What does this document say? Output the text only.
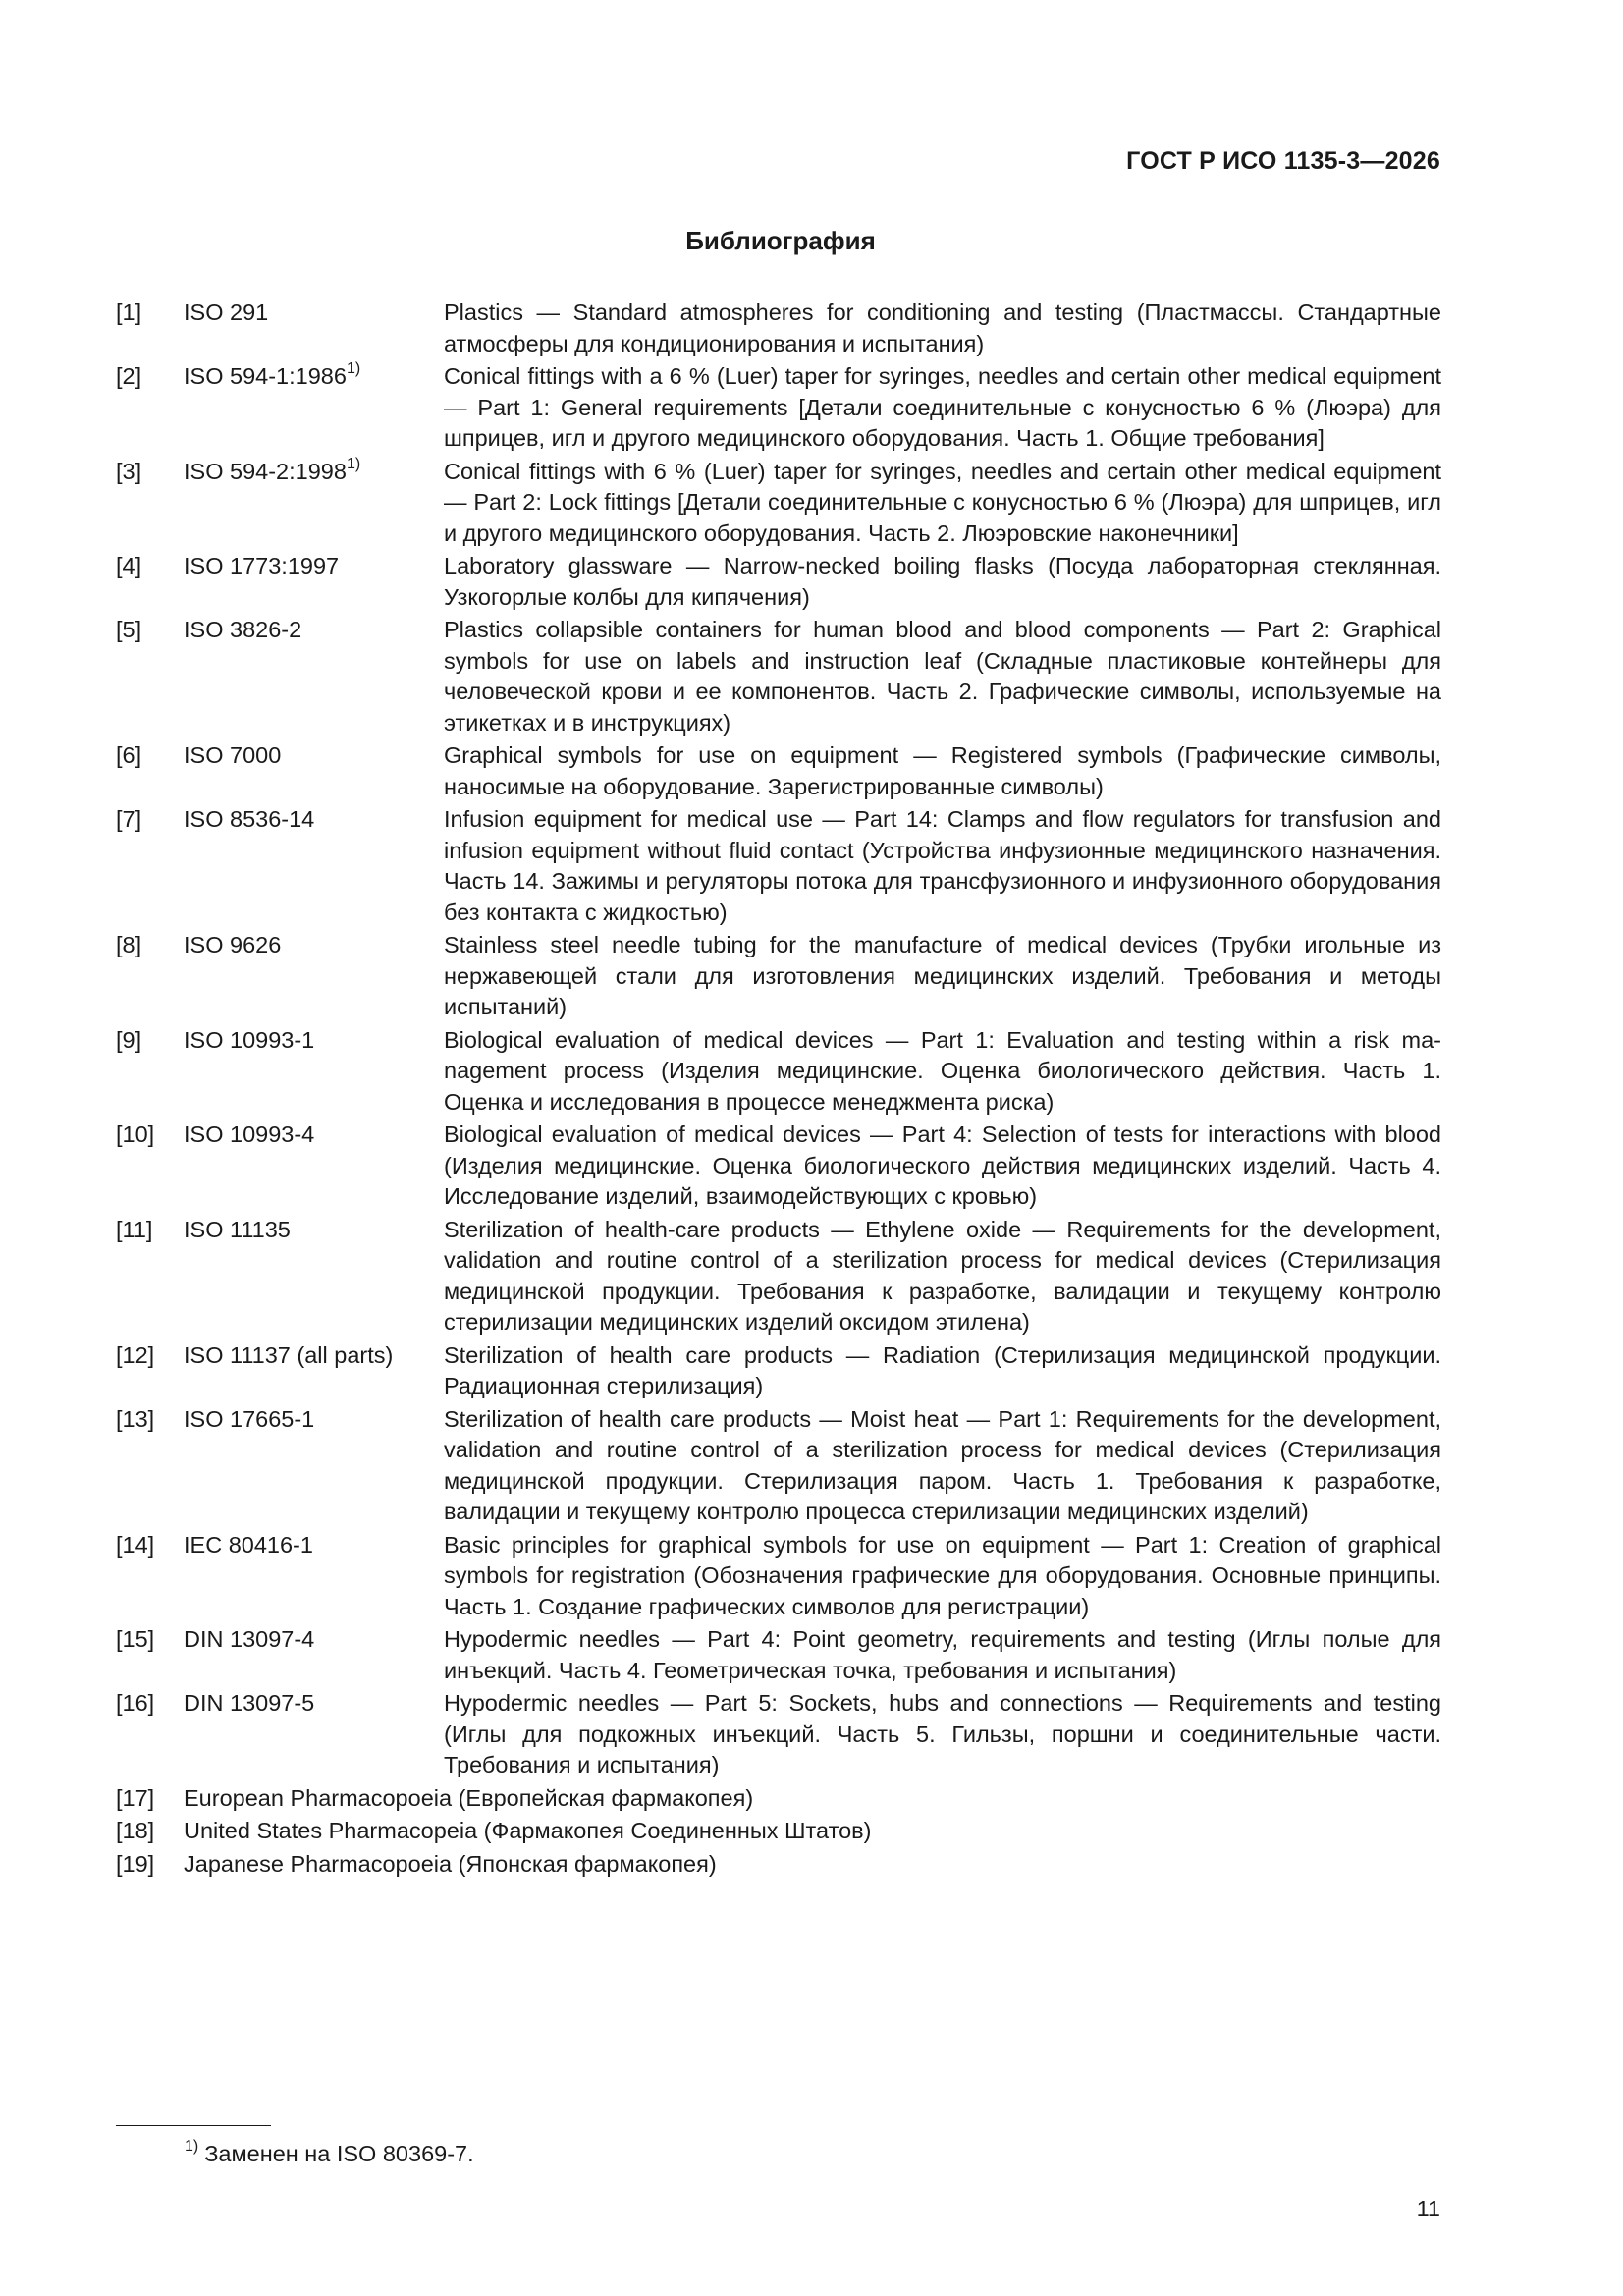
ГОСТ Р ИСО 1135-3—2026
Библиография
[1]	ISO 291	Plastics — Standard atmospheres for conditioning and testing (Пластмассы. Стандартные атмосферы для кондиционирования и испытания)
[2]	ISO 594-1:1986$^{1)}$	Conical fittings with a 6 % (Luer) taper for syringes, needles and certain other medical equipment — Part 1: General requirements [Детали соединительные с конусностью 6 % (Люэра) для шприцев, игл и другого медицинского оборудования. Часть 1. Общие требования]
[3]	ISO 594-2:1998$^{1)}$	Conical fittings with 6 % (Luer) taper for syringes, needles and certain other medical equipment — Part 2: Lock fittings [Детали соединительные с конусностью 6 % (Люэра) для шприцев, игл и другого медицинского оборудования. Часть 2. Люэровские наконечники]
[4]	ISO 1773:1997	Laboratory glassware — Narrow-necked boiling flasks (Посуда лабораторная стеклянная. Узкогорлые колбы для кипячения)
[5]	ISO 3826-2	Plastics collapsible containers for human blood and blood components — Part 2: Graphical symbols for use on labels and instruction leaf (Складные пластиковые контейнеры для человеческой крови и ее компонентов. Часть 2. Графические символы, используемые на этикетках и в инструкциях)
[6]	ISO 7000	Graphical symbols for use on equipment — Registered symbols (Графические символы, наносимые на оборудование. Зарегистрированные символы)
[7]	ISO 8536-14	Infusion equipment for medical use — Part 14: Clamps and flow regulators for transfusion and infusion equipment without fluid contact (Устройства инфузионные медицинского назначения. Часть 14. Зажимы и регуляторы потока для трансфузионного и инфузионного оборудования без контакта с жидкостью)
[8]	ISO 9626	Stainless steel needle tubing for the manufacture of medical devices (Трубки игольные из нержавеющей стали для изготовления медицинских изделий. Требования и методы испытаний)
[9]	ISO 10993-1	Biological evaluation of medical devices — Part 1: Evaluation and testing within a risk management process (Изделия медицинские. Оценка биологического действия. Часть 1. Оценка и исследования в процессе менеджмента риска)
[10]	ISO 10993-4	Biological evaluation of medical devices — Part 4: Selection of tests for interactions with blood (Изделия медицинские. Оценка биологического действия медицинских изделий. Часть 4. Исследование изделий, взаимодействующих с кровью)
[11]	ISO 11135	Sterilization of health-care products — Ethylene oxide — Requirements for the development, validation and routine control of a sterilization process for medical devices (Стерилизация медицинской продукции. Требования к разработке, валидации и текущему контролю стерилизации медицинских изделий оксидом этилена)
[12]	ISO 11137 (all parts)	Sterilization of health care products — Radiation (Стерилизация медицинской продукции. Радиационная стерилизация)
[13]	ISO 17665-1	Sterilization of health care products — Moist heat — Part 1: Requirements for the development, validation and routine control of a sterilization process for medical devices (Стерилизация медицинской продукции. Стерилизация паром. Часть 1. Требования к разработке, валидации и текущему контролю процесса стерилизации медицинских изделий)
[14]	IEC 80416-1	Basic principles for graphical symbols for use on equipment — Part 1: Creation of graphical symbols for registration (Обозначения графические для оборудования. Основные принципы. Часть 1. Создание графических символов для регистрации)
[15]	DIN 13097-4	Hypodermic needles — Part 4: Point geometry, requirements and testing (Иглы полые для инъекций. Часть 4. Геометрическая точка, требования и испытания)
[16]	DIN 13097-5	Hypodermic needles — Part 5: Sockets, hubs and connections — Requirements and testing (Иглы для подкожных инъекций. Часть 5. Гильзы, поршни и соединительные части. Требования и испытания)
[17]	European Pharmacopoeia (Европейская фармакопея)
[18]	United States Pharmacopeia (Фармакопея Соединенных Штатов)
[19]	Japanese Pharmacopoeia (Японская фармакопея)
$^{1)}$ Заменен на ISO 80369-7.
11
